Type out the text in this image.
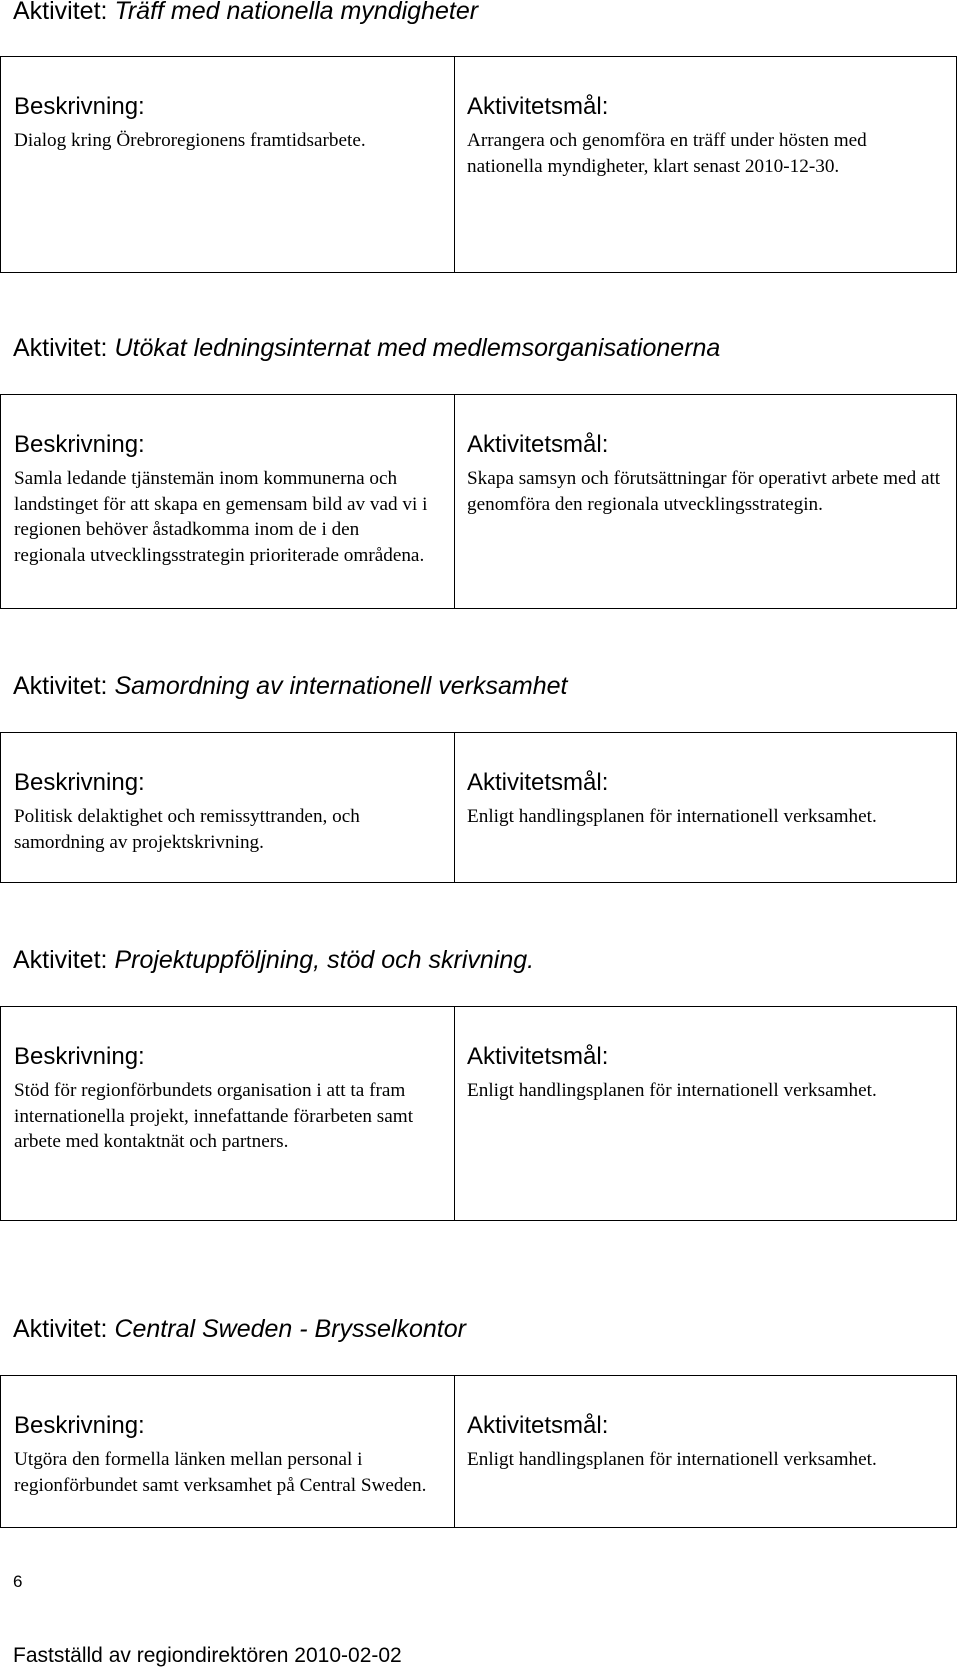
Aktivitet: Träff med nationella myndigheter
Beskrivning:
Dialog kring Örebroregionens framtidsarbete.
Aktivitetsmål:
Arrangera och genomföra en träff under hösten med nationella myndigheter, klart senast 2010-12-30.
Aktivitet: Utökat ledningsinternat med medlemsorganisationerna
Beskrivning:
Samla ledande tjänstemän inom kommunerna och landstinget för att skapa en gemensam bild av vad vi i regionen behöver åstadkomma inom de i den regionala utvecklingsstrategin prioriterade områdena.
Aktivitetsmål:
Skapa samsyn och förutsättningar för operativt arbete med att genomföra den regionala utvecklingsstrategin.
Aktivitet: Samordning av internationell verksamhet
Beskrivning:
Politisk delaktighet och remissyttranden, och samordning av projektskrivning.
Aktivitetsmål:
Enligt handlingsplanen för internationell verksamhet.
Aktivitet: Projektuppföljning, stöd och skrivning.
Beskrivning:
Stöd för regionförbundets organisation i att ta fram internationella projekt, innefattande förarbeten samt arbete med kontaktnät och partners.
Aktivitetsmål:
Enligt handlingsplanen för internationell verksamhet.
Aktivitet: Central Sweden - Brysselkontor
Beskrivning:
Utgöra den formella länken mellan personal i regionförbundet samt verksamhet på Central Sweden.
Aktivitetsmål:
Enligt handlingsplanen för internationell verksamhet.
6
Fastställd av regiondirektören 2010-02-02
